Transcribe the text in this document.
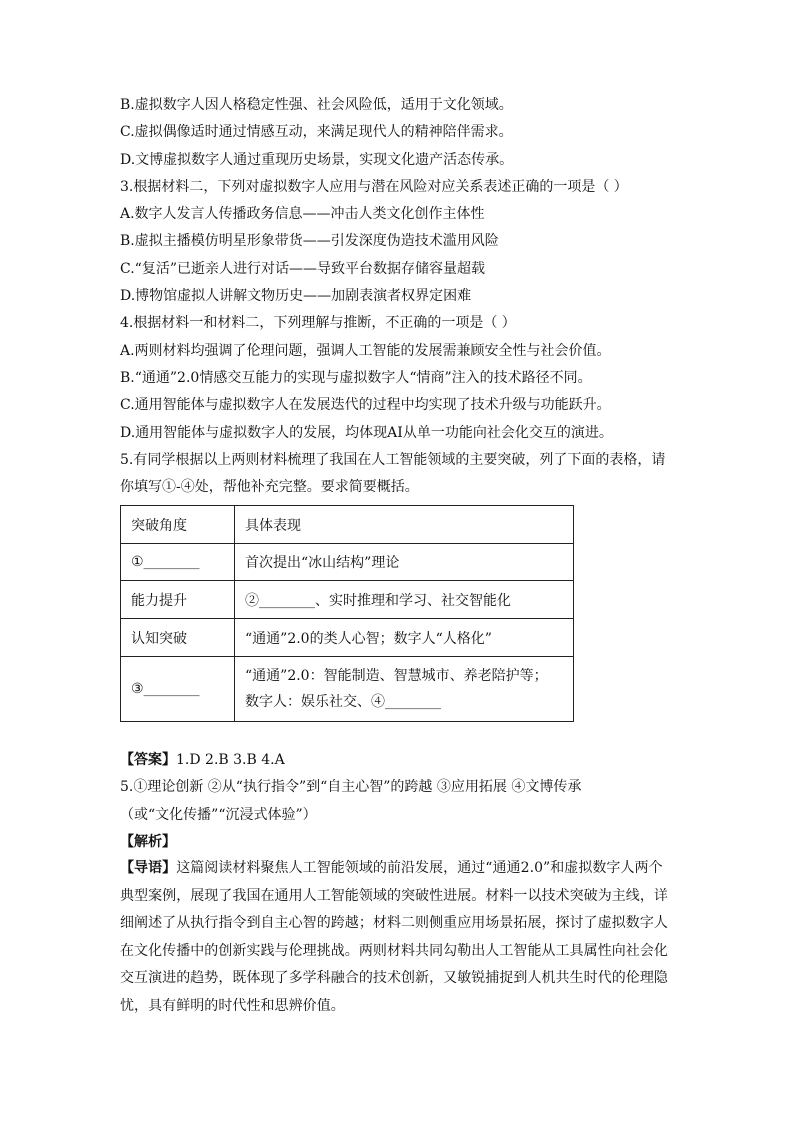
B.虚拟数字人因人格稳定性强、社会风险低，适用于文化领域。
C.虚拟偶像适时通过情感互动，来满足现代人的精神陪伴需求。
D.文博虚拟数字人通过重现历史场景，实现文化遗产活态传承。
3.根据材料二，下列对虚拟数字人应用与潜在风险对应关系表述正确的一项是（ ）
A.数字人发言人传播政务信息——冲击人类文化创作主体性
B.虚拟主播模仿明星形象带货——引发深度伪造技术滥用风险
C.“复活”已逝亲人进行对话——导致平台数据存储容量超载
D.博物馆虚拟人讲解文物历史——加剧表演者权界定困难
4.根据材料一和材料二，下列理解与推断，不正确的一项是（ ）
A.两则材料均强调了伦理问题，强调人工智能的发展需兼顾安全性与社会价值。
B.“通通”2.0情感交互能力的实现与虚拟数字人“情商”注入的技术路径不同。
C.通用智能体与虚拟数字人在发展迭代的过程中均实现了技术升级与功能跃升。
D.通用智能体与虚拟数字人的发展，均体现AI从单一功能向社会化交互的演进。
5.有同学根据以上两则材料梳理了我国在人工智能领域的主要突破，列了下面的表格，请
你填写①-④处，帮他补充完整。要求简要概括。
突破角度	具体表现
①________	首次提出“冰山结构”理论
能力提升	②________、实时推理和学习、社交智能化
认知突破	“通通”2.0的类人心智；数字人“人格化”
③________	“通通”2.0：智能制造、智慧城市、养老陪护等；
数字人：娱乐社交、④________
【答案】1.D 2.B 3.B 4.A
5.①理论创新 ②从“执行指令”到“自主心智”的跨越 ③应用拓展 ④文博传承
（或“文化传播”“沉浸式体验”）
【解析】
【导语】这篇阅读材料聚焦人工智能领域的前沿发展，通过“通通2.0”和虚拟数字人两个典型案例，展现了我国在通用人工智能领域的突破性进展。材料一以技术突破为主线，详细阐述了从执行指令到自主心智的跨越；材料二则侧重应用场景拓展，探讨了虚拟数字人在文化传播中的创新实践与伦理挑战。两则材料共同勾勒出人工智能从工具属性向社会化交互演进的趋势，既体现了多学科融合的技术创新，又敏锐捕捉到人机共生时代的伦理隐忧，具有鲜明的时代性和思辨价值。
